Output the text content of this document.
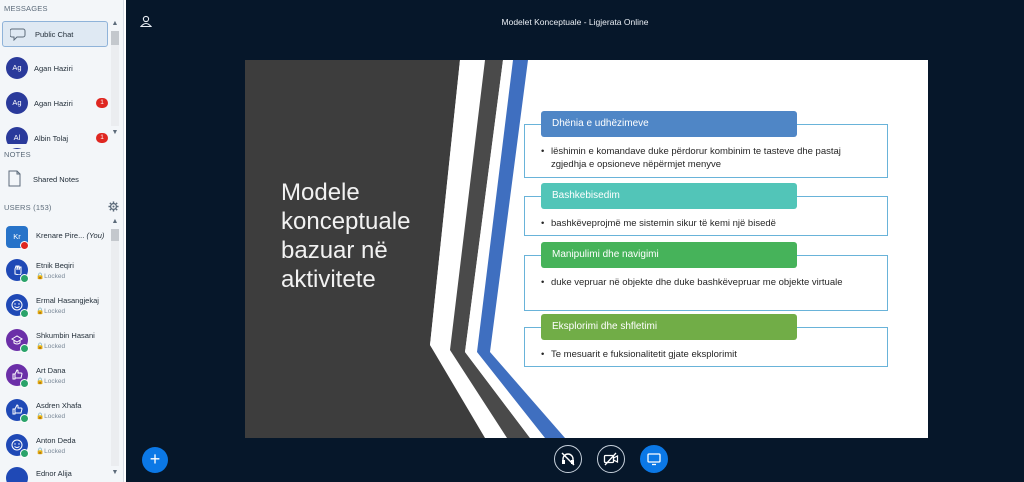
MESSAGES
Public Chat
Ag	Agan Haziri
Ag	Agan Haziri	1
Al	Albin Tolaj	1
▲
▼
NOTES
Shared Notes
USERS (153)
▲
▼
Kr	Krenare Pire... (You)
Etnik Beqiri
🔒Locked
Ermal Hasangjekaj
🔒Locked
Shkumbin Hasani
🔒Locked
Art Dana
🔒Locked
Asdren Xhafa
🔒Locked
Anton Deda
🔒Locked
Ednor Alija
Modelet Konceptuale - Ligjerata Online
Modele
konceptuale
bazuar në
aktivitete
• lëshimin e komandave duke përdorur kombinim te tasteve dhe pastaj zgjedhja e opsioneve nëpërmjet menyve
Dhënia e udhëzimeve
• bashkëveprojmë me sistemin sikur të kemi një bisedë
Bashkebisedim
• duke vepruar në objekte dhe duke bashkëvepruar me objekte virtuale
Manipulimi dhe navigimi
• Te mesuarit e fuksionalitetit gjate eksplorimit
Eksplorimi dhe shfletimi
+
